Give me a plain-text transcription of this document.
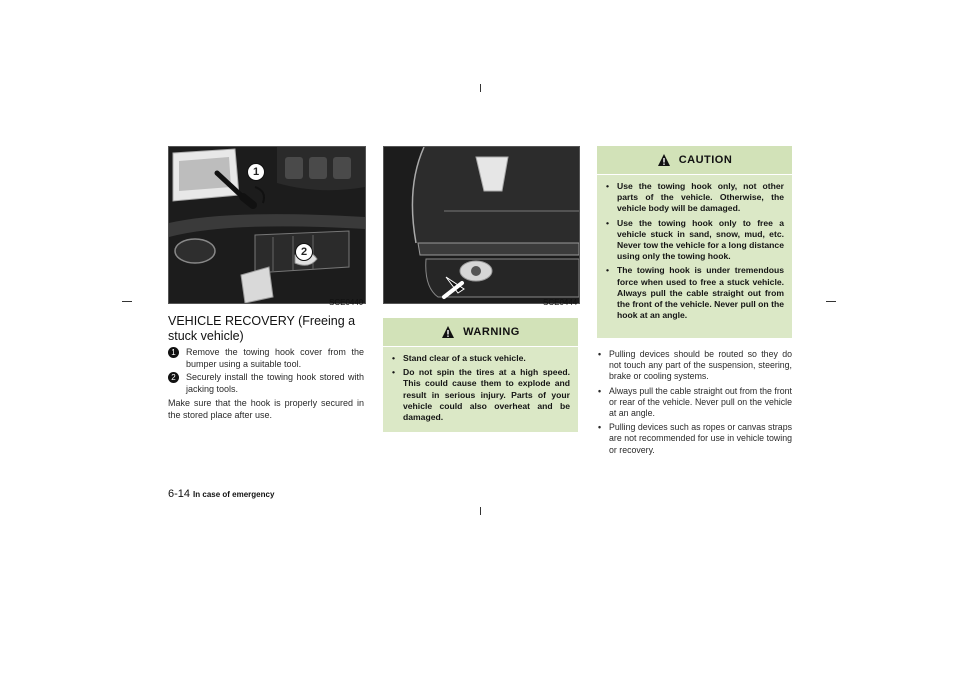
1
2
SCE0440
VEHICLE RECOVERY (Freeing a stuck vehicle)
1	Remove the towing hook cover from the bumper using a suitable tool.
2	Securely install the towing hook stored with jacking tools.
Make sure that the hook is properly secured in the stored place after use.
SCE0444
WARNING
• Stand clear of a stuck vehicle.
• Do not spin the tires at a high speed. This could cause them to explode and result in serious injury. Parts of your vehicle could also overheat and be damaged.
CAUTION
• Use the towing hook only, not other parts of the vehicle. Otherwise, the vehicle body will be damaged.
• Use the towing hook only to free a vehicle stuck in sand, snow, mud, etc. Never tow the vehicle for a long distance using only the towing hook.
• The towing hook is under tremendous force when used to free a stuck vehicle. Always pull the cable straight out from the front of the vehicle. Never pull on the hook at an angle.
• Pulling devices should be routed so they do not touch any part of the suspension, steering, brake or cooling systems.
• Always pull the cable straight out from the front or rear of the vehicle. Never pull on the vehicle at an angle.
• Pulling devices such as ropes or canvas straps are not recommended for use in vehicle towing or recovery.
6-14 In case of emergency
